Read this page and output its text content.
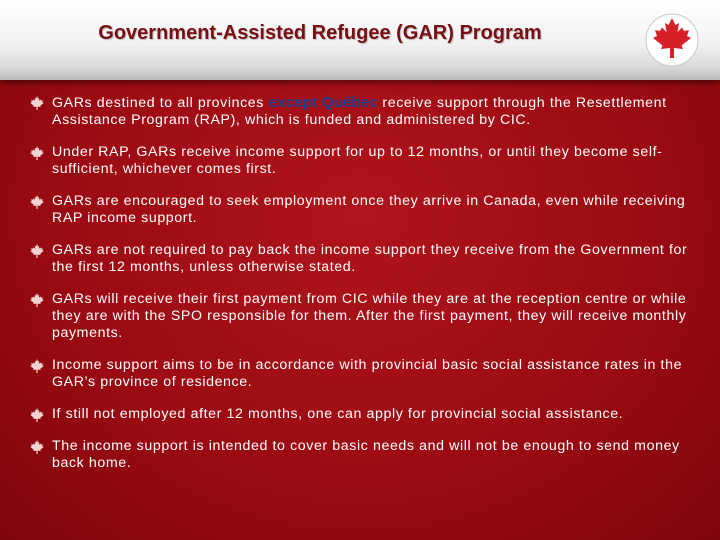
Government-Assisted Refugee (GAR) Program
GARs destined to all provinces except Québec receive support through the Resettlement Assistance Program (RAP), which is funded and administered by CIC.
Under RAP, GARs receive income support for up to 12 months, or until they become self-sufficient, whichever comes first.
GARs are encouraged to seek employment once they arrive in Canada, even while receiving RAP income support.
GARs are not required to pay back the income support they receive from the Government for the first 12 months, unless otherwise stated.
GARs will receive their first payment from CIC while they are at the reception centre or while they are with the SPO responsible for them. After the first payment, they will receive monthly payments.
Income support aims to be in accordance with provincial basic social assistance rates in the GAR’s province of residence.
If still not employed after 12 months, one can apply for provincial social assistance.
The income support is intended to cover basic needs and will not be enough to send money back home.
